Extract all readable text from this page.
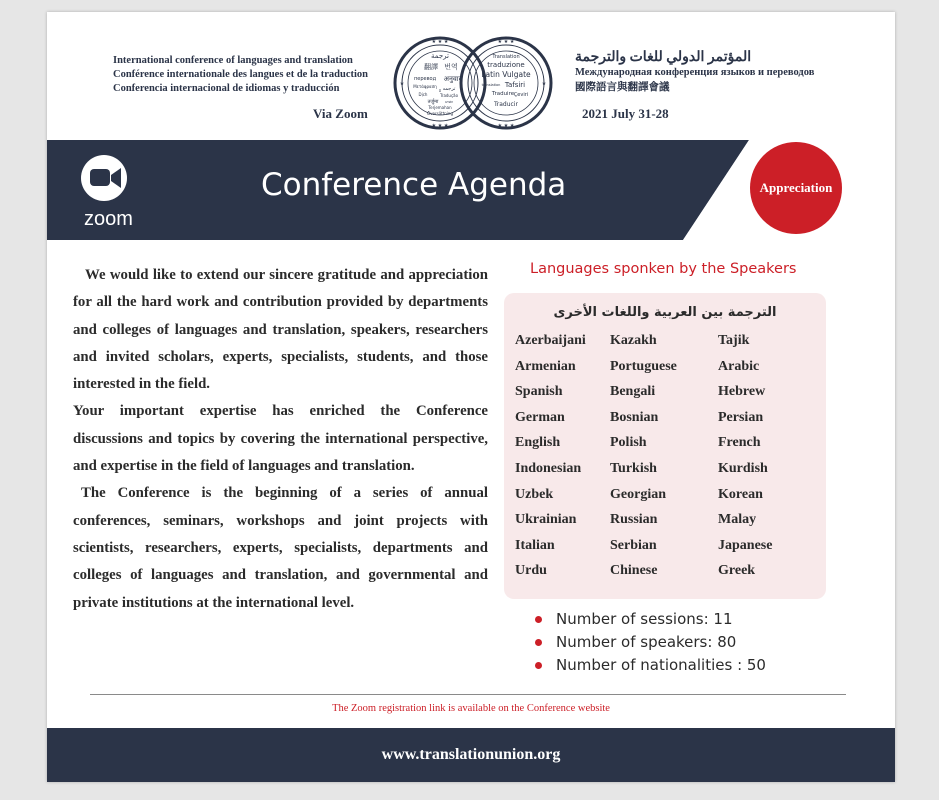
International conference of languages and translation
Conférence internationale des langues et de la traduction
Conferencia internacional de idiomas y traducción
Via Zoom
★ ★ ★
★ ★ ★
★ ★ ★
★ ★ ★
★	★
ترجمة
翻譯 번역
перевод अनुवाद
Μετάφραση ترجمه
Ⴧ
Dịch	Tradução
तर्जुमा
Terjemahan
שׂגיא
Översättning
Translation
traduzione
Latin Vulgate
Tafsiri
Traduire Çeviri
Traducir
translation
المؤتمر الدولي للغات والترجمة
Международная конференция языков и переводов
國際語言與翻譯會議
2021 July 31-28
zoom
Conference Agenda	Appreciation

We would like to extend our sincere gratitude and appreciation for all the hard work and contribution provided by departments and colleges of languages and translation, speakers, researchers and invited scholars, experts, specialists, students, and those interested in the field.

Your important expertise has enriched the Conference discussions and topics by covering the international perspective, and expertise in the field of languages and translation.

The Conference is the beginning of a series of annual conferences, seminars, workshops and joint projects with scientists, researchers, experts, specialists, departments and colleges of languages and translation, and governmental and private institutions at the international level.

Languages sponken by the Speakers
الترجمة بين العربية واللغات الأخرى
Azerbaijani	Kazakh	Tajik
Armenian	Portuguese	Arabic
Spanish	Bengali	Hebrew
German	Bosnian	Persian
English	Polish	French
Indonesian	Turkish	Kurdish
Uzbek	Georgian	Korean
Ukrainian	Russian	Malay
Italian	Serbian	Japanese
Urdu	Chinese	Greek
Number of sessions: 11
Number of speakers: 80
Number of nationalities : 50
The Zoom registration link is available on the Conference website
www.translationunion.org
